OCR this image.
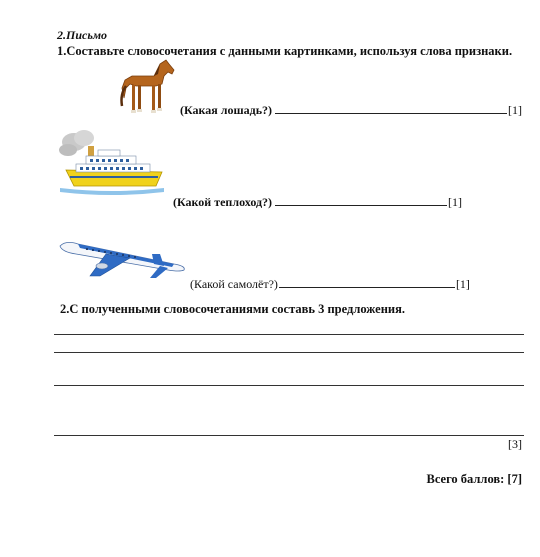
2.Письмо
1.Составьте словосочетания с данными картинками, используя слова признаки.
(Какая лошадь?)	[1]
(Какой теплоход?)	[1]
(Какой самолёт?)	[1]
2.С полученными словосочетаниями составь 3 предложения.
[3]
Всего баллов: [7]
